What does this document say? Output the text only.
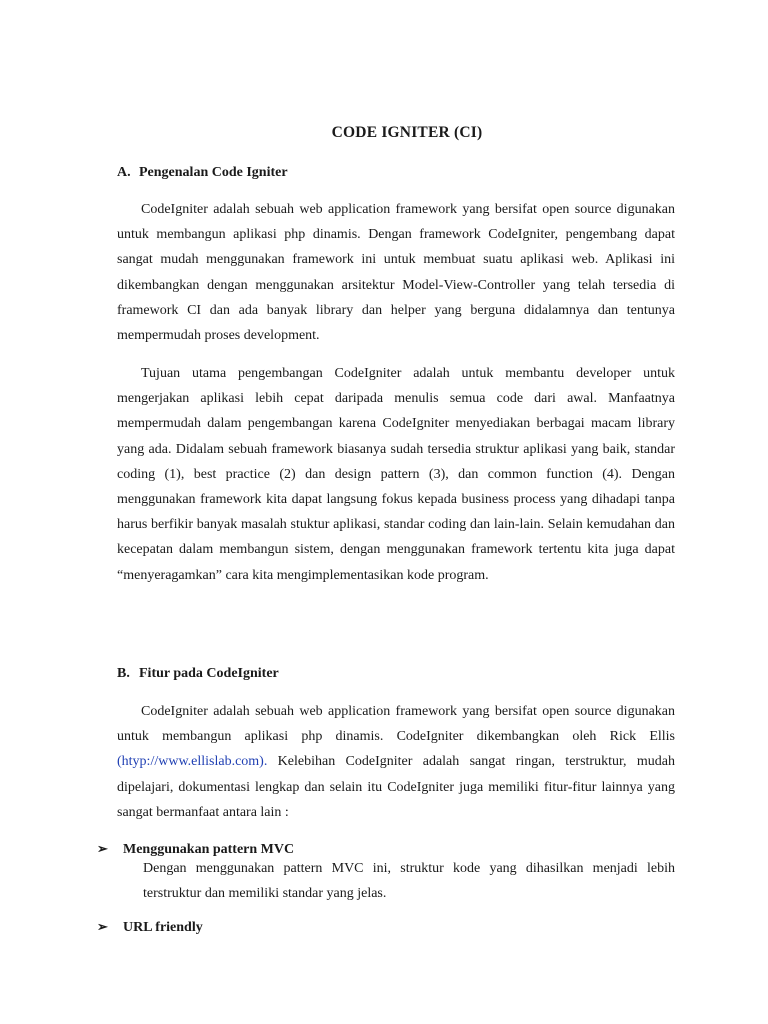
CODE IGNITER (CI)
A. Pengenalan Code Igniter

CodeIgniter adalah sebuah web application framework yang bersifat open source digunakan untuk membangun aplikasi php dinamis. Dengan framework CodeIgniter, pengembang dapat sangat mudah menggunakan framework ini untuk membuat suatu aplikasi web. Aplikasi ini dikembangkan dengan menggunakan arsitektur Model-View-Controller yang telah tersedia di framework CI dan ada banyak library dan helper yang berguna didalamnya dan tentunya mempermudah proses development.

Tujuan utama pengembangan CodeIgniter adalah untuk membantu developer untuk mengerjakan aplikasi lebih cepat daripada menulis semua code dari awal. Manfaatnya mempermudah dalam pengembangan karena CodeIgniter menyediakan berbagai macam library yang ada. Didalam sebuah framework biasanya sudah tersedia struktur aplikasi yang baik, standar coding (1), best practice (2) dan design pattern (3), dan common function (4). Dengan menggunakan framework kita dapat langsung fokus kepada business process yang dihadapi tanpa harus berfikir banyak masalah stuktur aplikasi, standar coding dan lain-lain. Selain kemudahan dan kecepatan dalam membangun sistem, dengan menggunakan framework tertentu kita juga dapat “menyeragamkan” cara kita mengimplementasikan kode program.

B. Fitur pada CodeIgniter

CodeIgniter adalah sebuah web application framework yang bersifat open source digunakan untuk membangun aplikasi php dinamis. CodeIgniter dikembangkan oleh Rick Ellis (htyp://www.ellislab.com). Kelebihan CodeIgniter adalah sangat ringan, terstruktur, mudah dipelajari, dokumentasi lengkap dan selain itu CodeIgniter juga memiliki fitur-fitur lainnya yang sangat bermanfaat antara lain :

➢ Menggunakan pattern MVC

Dengan menggunakan pattern MVC ini, struktur kode yang dihasilkan menjadi lebih terstruktur dan memiliki standar yang jelas.

➢ URL friendly
